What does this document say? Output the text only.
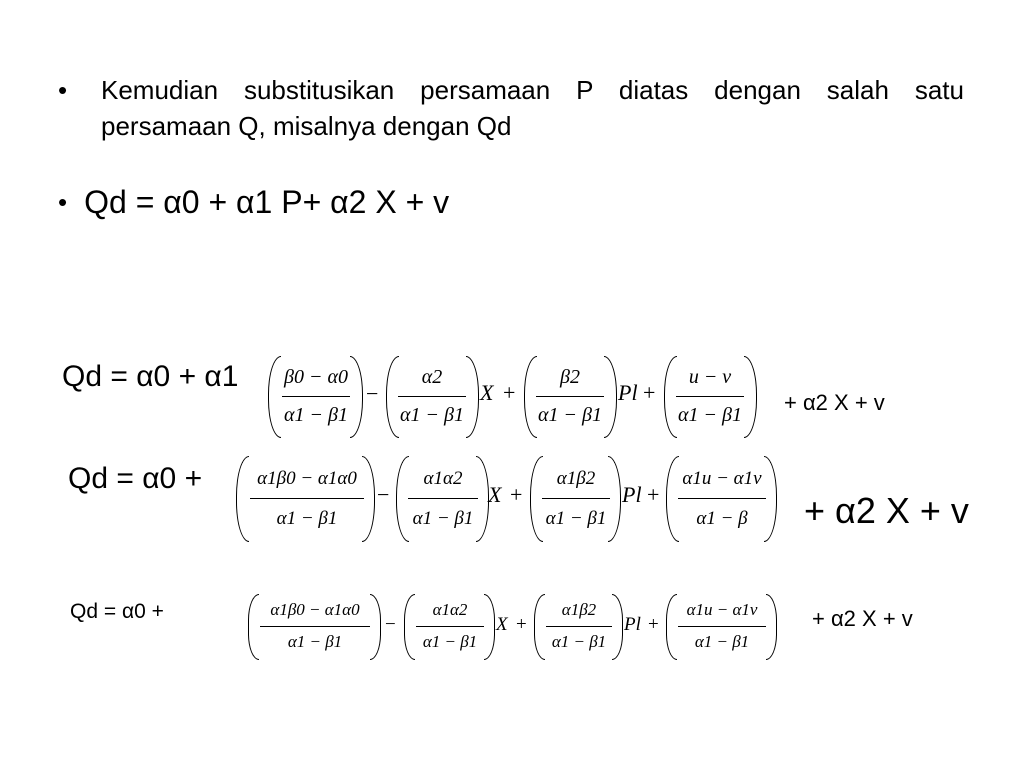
• Kemudian substitusikan persamaan P diatas dengan salah satu persamaan Q, misalnya dengan Qd
• Qd = α0 + α1 P+ α2 X + v
Qd = α0 + α1	β0 − α0
α1 − β1
−
α2
α1 − β1
X +
β2
α1 − β1
Pl +
u − v
α1 − β1	+ α2 X + v
Qd = α0 +	α1β0 − α1α0
α1 − β1
−
α1α2
α1 − β1
X +
α1β2
α1 − β1
Pl +
α1u − α1v
α1 − β	+ α2 X + v
Qd = α0 +	α1β0 − α1α0
α1 − β1
−
α1α2
α1 − β1
X +
α1β2
α1 − β1
Pl +
α1u − α1v
α1 − β1
+ α2 X + v
